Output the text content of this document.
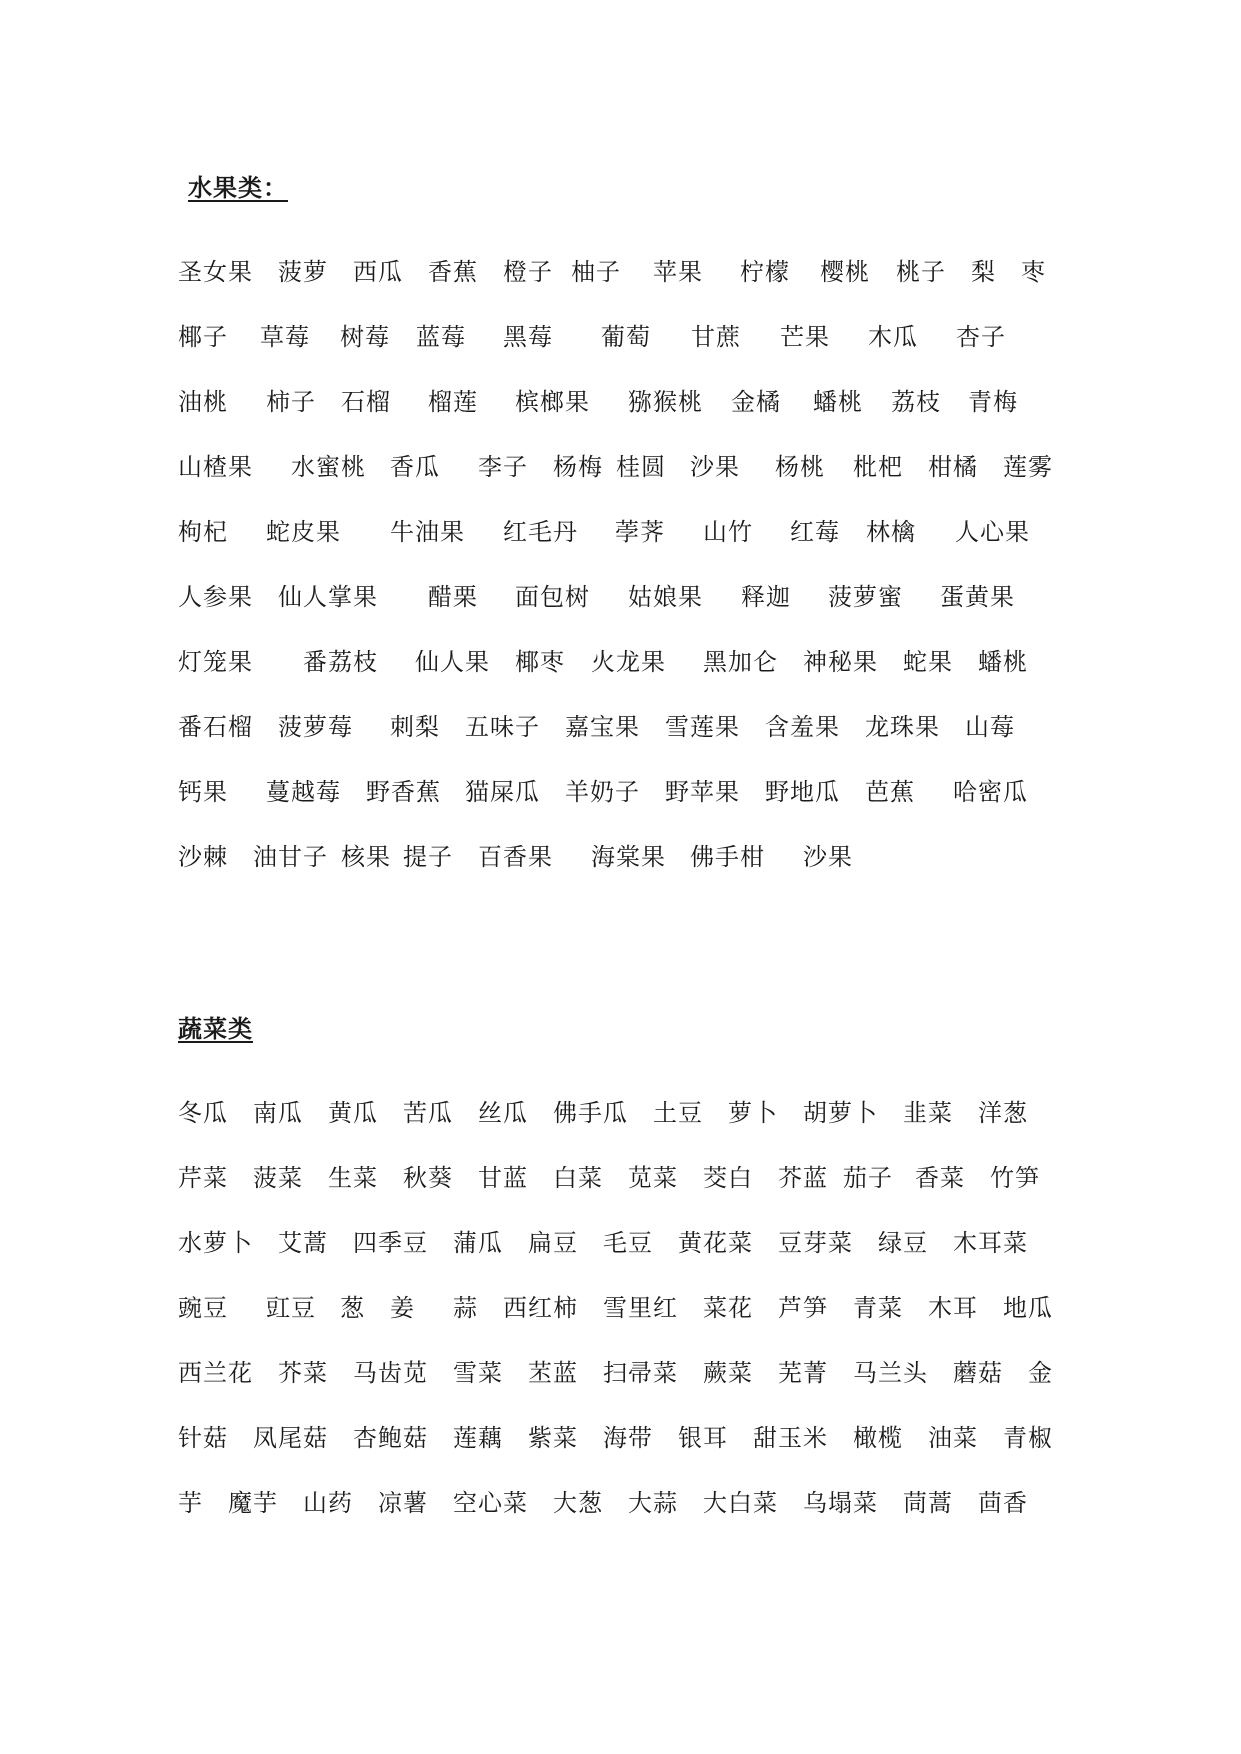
水果类：
圣女果 菠萝 西瓜 香蕉 橙子 柚子 苹果 柠檬 樱桃 桃子 梨 枣
椰子 草莓 树莓 蓝莓 黑莓 葡萄 甘蔗 芒果 木瓜 杏子
油桃 柿子 石榴 榴莲 槟榔果 猕猴桃 金橘 蟠桃 荔枝 青梅
山楂果 水蜜桃 香瓜 李子 杨梅 桂圆 沙果 杨桃 枇杷 柑橘 莲雾
枸杞 蛇皮果 牛油果 红毛丹 荸荠 山竹 红莓 林檎 人心果
人参果 仙人掌果 醋栗 面包树 姑娘果 释迦 菠萝蜜 蛋黄果
灯笼果 番荔枝 仙人果 椰枣 火龙果 黑加仑 神秘果 蛇果 蟠桃
番石榴 菠萝莓 刺梨 五味子 嘉宝果 雪莲果 含羞果 龙珠果 山莓
钙果 蔓越莓 野香蕉 猫屎瓜 羊奶子 野苹果 野地瓜 芭蕉 哈密瓜
沙棘 油甘子 核果 提子 百香果 海棠果 佛手柑 沙果
蔬菜类
冬瓜 南瓜 黄瓜 苦瓜 丝瓜 佛手瓜 土豆 萝卜 胡萝卜 韭菜 洋葱
芹菜 菠菜 生菜 秋葵 甘蓝 白菜 苋菜 茭白 芥蓝 茄子 香菜 竹笋
水萝卜 艾蒿 四季豆 蒲瓜 扁豆 毛豆 黄花菜 豆芽菜 绿豆 木耳菜
豌豆 豇豆 葱 姜 蒜 西红柿 雪里红 菜花 芦笋 青菜 木耳 地瓜
西兰花 芥菜 马齿苋 雪菜 苤蓝 扫帚菜 蕨菜 芜菁 马兰头 蘑菇 金
针菇 凤尾菇 杏鲍菇 莲藕 紫菜 海带 银耳 甜玉米 橄榄 油菜 青椒
芋 魔芋 山药 凉薯 空心菜 大葱 大蒜 大白菜 乌塌菜 茼蒿 茴香
